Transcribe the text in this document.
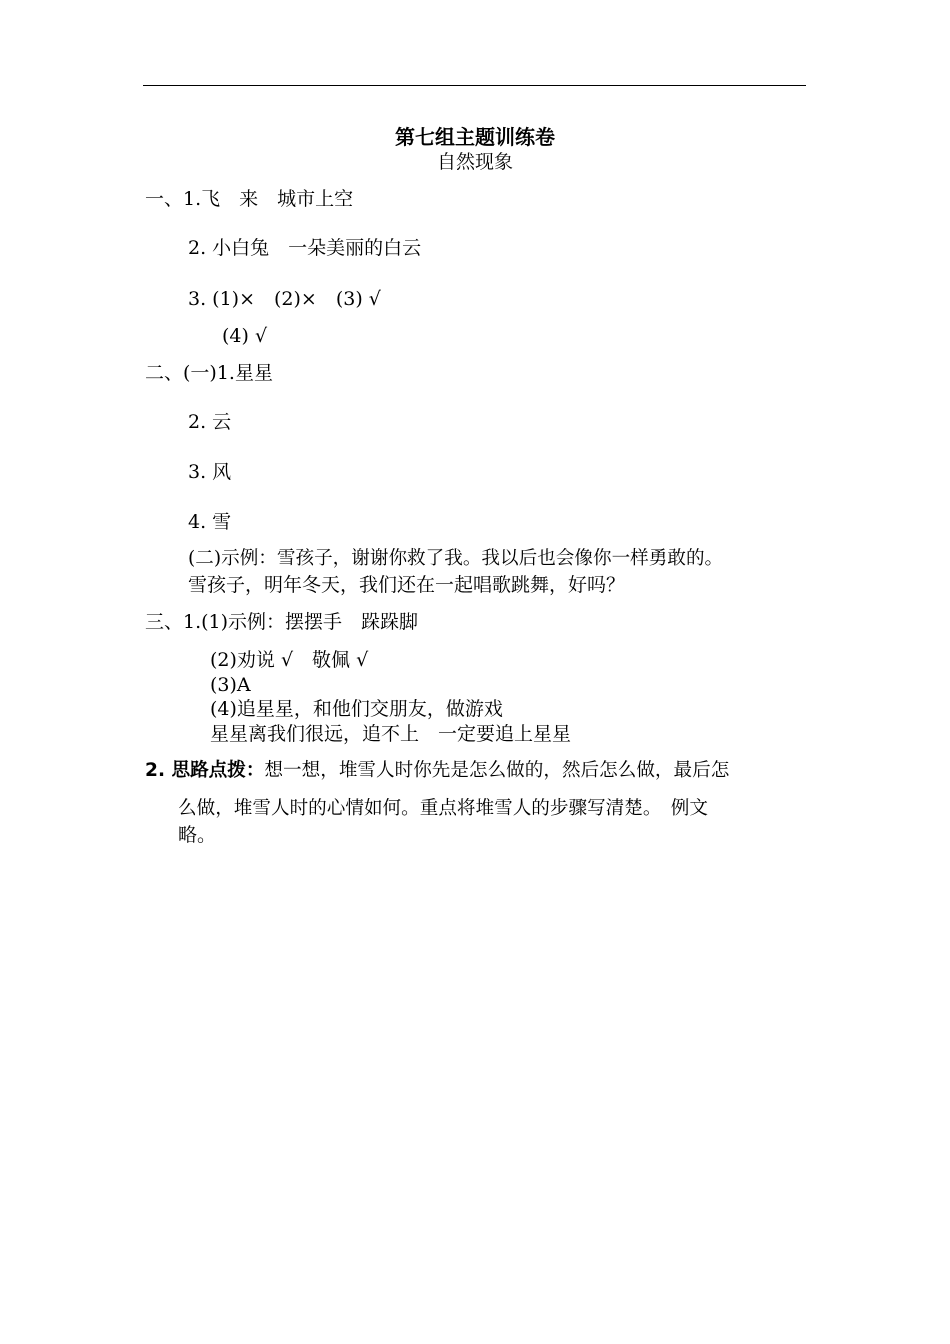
第七组主题训练卷
自然现象
一、1.飞　来　城市上空
2. 小白兔　一朵美丽的白云
3. (1)×　(2)×　(3) √
(4) √
二、(一)1.星星
2. 云
3. 风
4. 雪
(二)示例：雪孩子，谢谢你救了我。我以后也会像你一样勇敢的。
雪孩子，明年冬天，我们还在一起唱歌跳舞，好吗？
三、1.(1)示例：摆摆手　跺跺脚
(2)劝说 √　敬佩 √
(3)A
(4)追星星，和他们交朋友，做游戏
星星离我们很远，追不上　一定要追上星星
2. 思路点拨：想一想，堆雪人时你先是怎么做的，然后怎么做，最后怎
么做，堆雪人时的心情如何。重点将堆雪人的步骤写清楚。　例文
略。
